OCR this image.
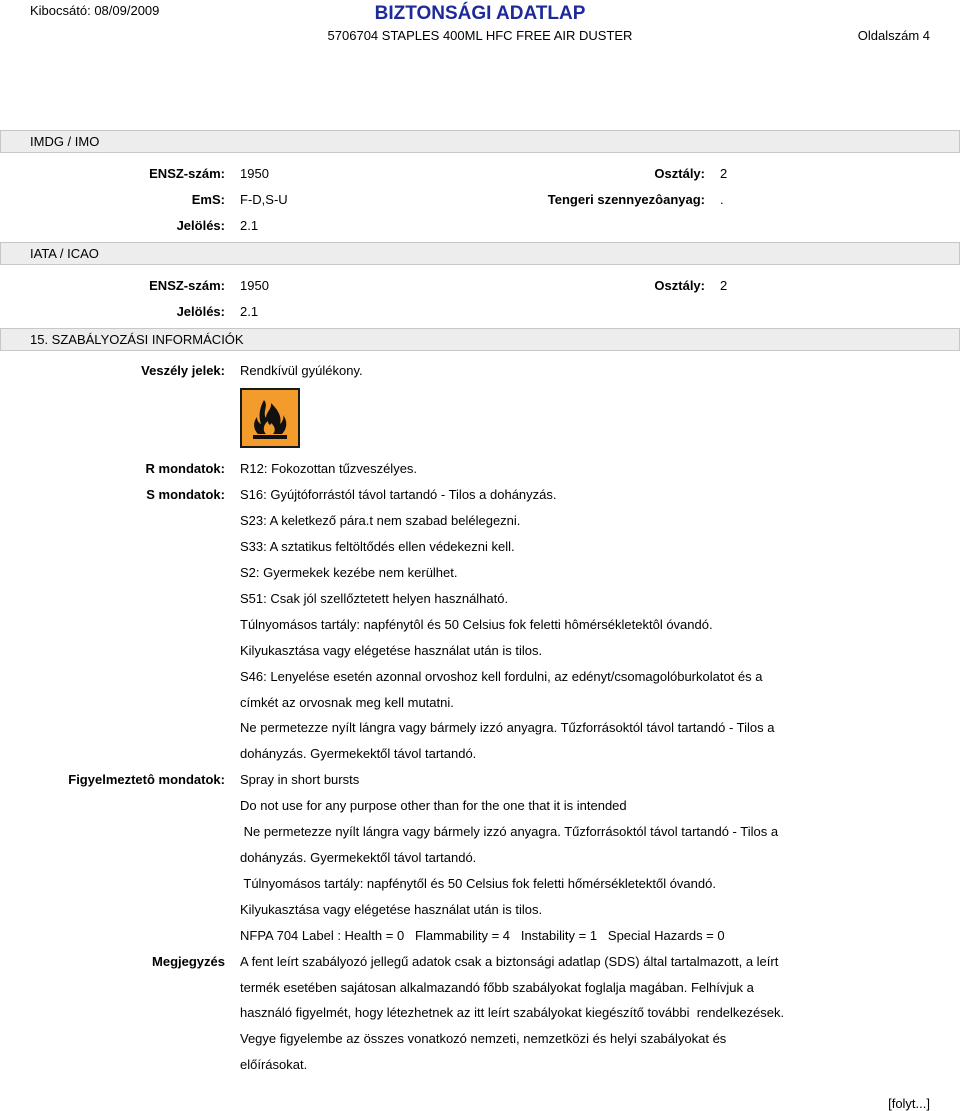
Kibocsátó: 08/09/2009	BIZTONSÁGI ADATLAP
5706704 STAPLES 400ML HFC FREE AIR DUSTER	Oldalszám 4
IMDG / IMO
ENSZ-szám: 1950	Osztály: 2
EmS: F-D,S-U	Tengeri szennyezôanyag: .
Jelölés: 2.1
IATA / ICAO
ENSZ-szám: 1950	Osztály: 2
Jelölés: 2.1
15. SZABÁLYOZÁSI INFORMÁCIÓK
Veszély jelek: Rendkívül gyúlékony.
R mondatok: R12: Fokozottan tűzveszélyes.
S mondatok: S16: Gyújtóforrástól távol tartandó - Tilos a dohányzás.
S23: A keletkező pára.t nem szabad belélegezni.
S33: A sztatikus feltöltődés ellen védekezni kell.
S2: Gyermekek kezébe nem kerülhet.
S51: Csak jól szellőztetett helyen használható.
Túlnyomásos tartály: napfénytôl és 50 Celsius fok feletti hômérsékletektôl óvandó.
Kilyukasztása vagy elégetése használat után is tilos.
S46: Lenyelése esetén azonnal orvoshoz kell fordulni, az edényt/csomagolóburkolatot és a
címkét az orvosnak meg kell mutatni.
Ne permetezze nyílt lángra vagy bármely izzó anyagra. Tűzforrásoktól távol tartandó - Tilos a
dohányzás. Gyermekektől távol tartandó.
Figyelmeztetô mondatok: Spray in short bursts
Do not use for any purpose other than for the one that it is intended
Ne permetezze nyílt lángra vagy bármely izzó anyagra. Tűzforrásoktól távol tartandó - Tilos a
dohányzás. Gyermekektől távol tartandó.
Túlnyomásos tartály: napfénytől és 50 Celsius fok feletti hőmérsékletektől óvandó.
Kilyukasztása vagy elégetése használat után is tilos.
NFPA 704 Label : Health = 0   Flammability = 4   Instability = 1   Special Hazards = 0
Megjegyzés A fent leírt szabályozó jellegű adatok csak a biztonsági adatlap (SDS) által tartalmazott, a leírt
termék esetében sajátosan alkalmazandó főbb szabályokat foglalja magában. Felhívjuk a
használó figyelmét, hogy létezhetnek az itt leírt szabályokat kiegészítő további  rendelkezések.
Vegye figyelembe az összes vonatkozó nemzeti, nemzetközi és helyi szabályokat és
előírásokat.
[folyt...]
